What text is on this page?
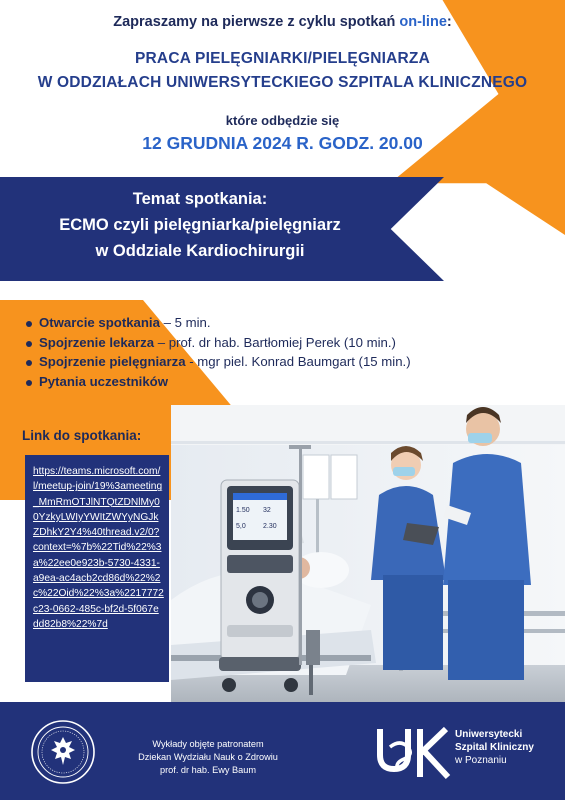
Zapraszamy na pierwsze z cyklu spotkań on-line:
PRACA PIELĘGNIARKI/PIELĘGNIARZA
W ODDZIAŁACH UNIWERSYTECKIEGO SZPITALA KLINICZNEGO
które odbędzie się
12 GRUDNIA 2024 R. GODZ. 20.00
Temat spotkania:
ECMO czyli pielęgniarka/pielęgniarz
w Oddziale Kardiochirurgii
Otwarcie spotkania – 5 min.
Spojrzenie lekarza – prof. dr hab. Bartłomiej Perek (10 min.)
Spojrzenie pielęgniarza - mgr piel. Konrad Baumgart (15 min.)
Pytania uczestników
Link do spotkania:
https://teams.microsoft.com/l/meetup-join/19%3ameeting_MmRmOTJlNTQtZDNlMy00YzkyLWIyYWItZWYyNGJkZDhkY2Y4%40thread.v2/0?context=%7b%22Tid%22%3a%22ee0e923b-5730-4331-a9ea-ac4acb2cd86d%22%2c%22Oid%22%3a%2217772c23-0662-485c-bf2d-5f067edd82b8%22%7d
1.50 32
5,0 2.30
Wykłady objęte patronatem
Dziekan Wydziału Nauk o Zdrowiu
prof. dr hab. Ewy Baum
Uniwersytecki
Szpital Kliniczny
w Poznaniu
